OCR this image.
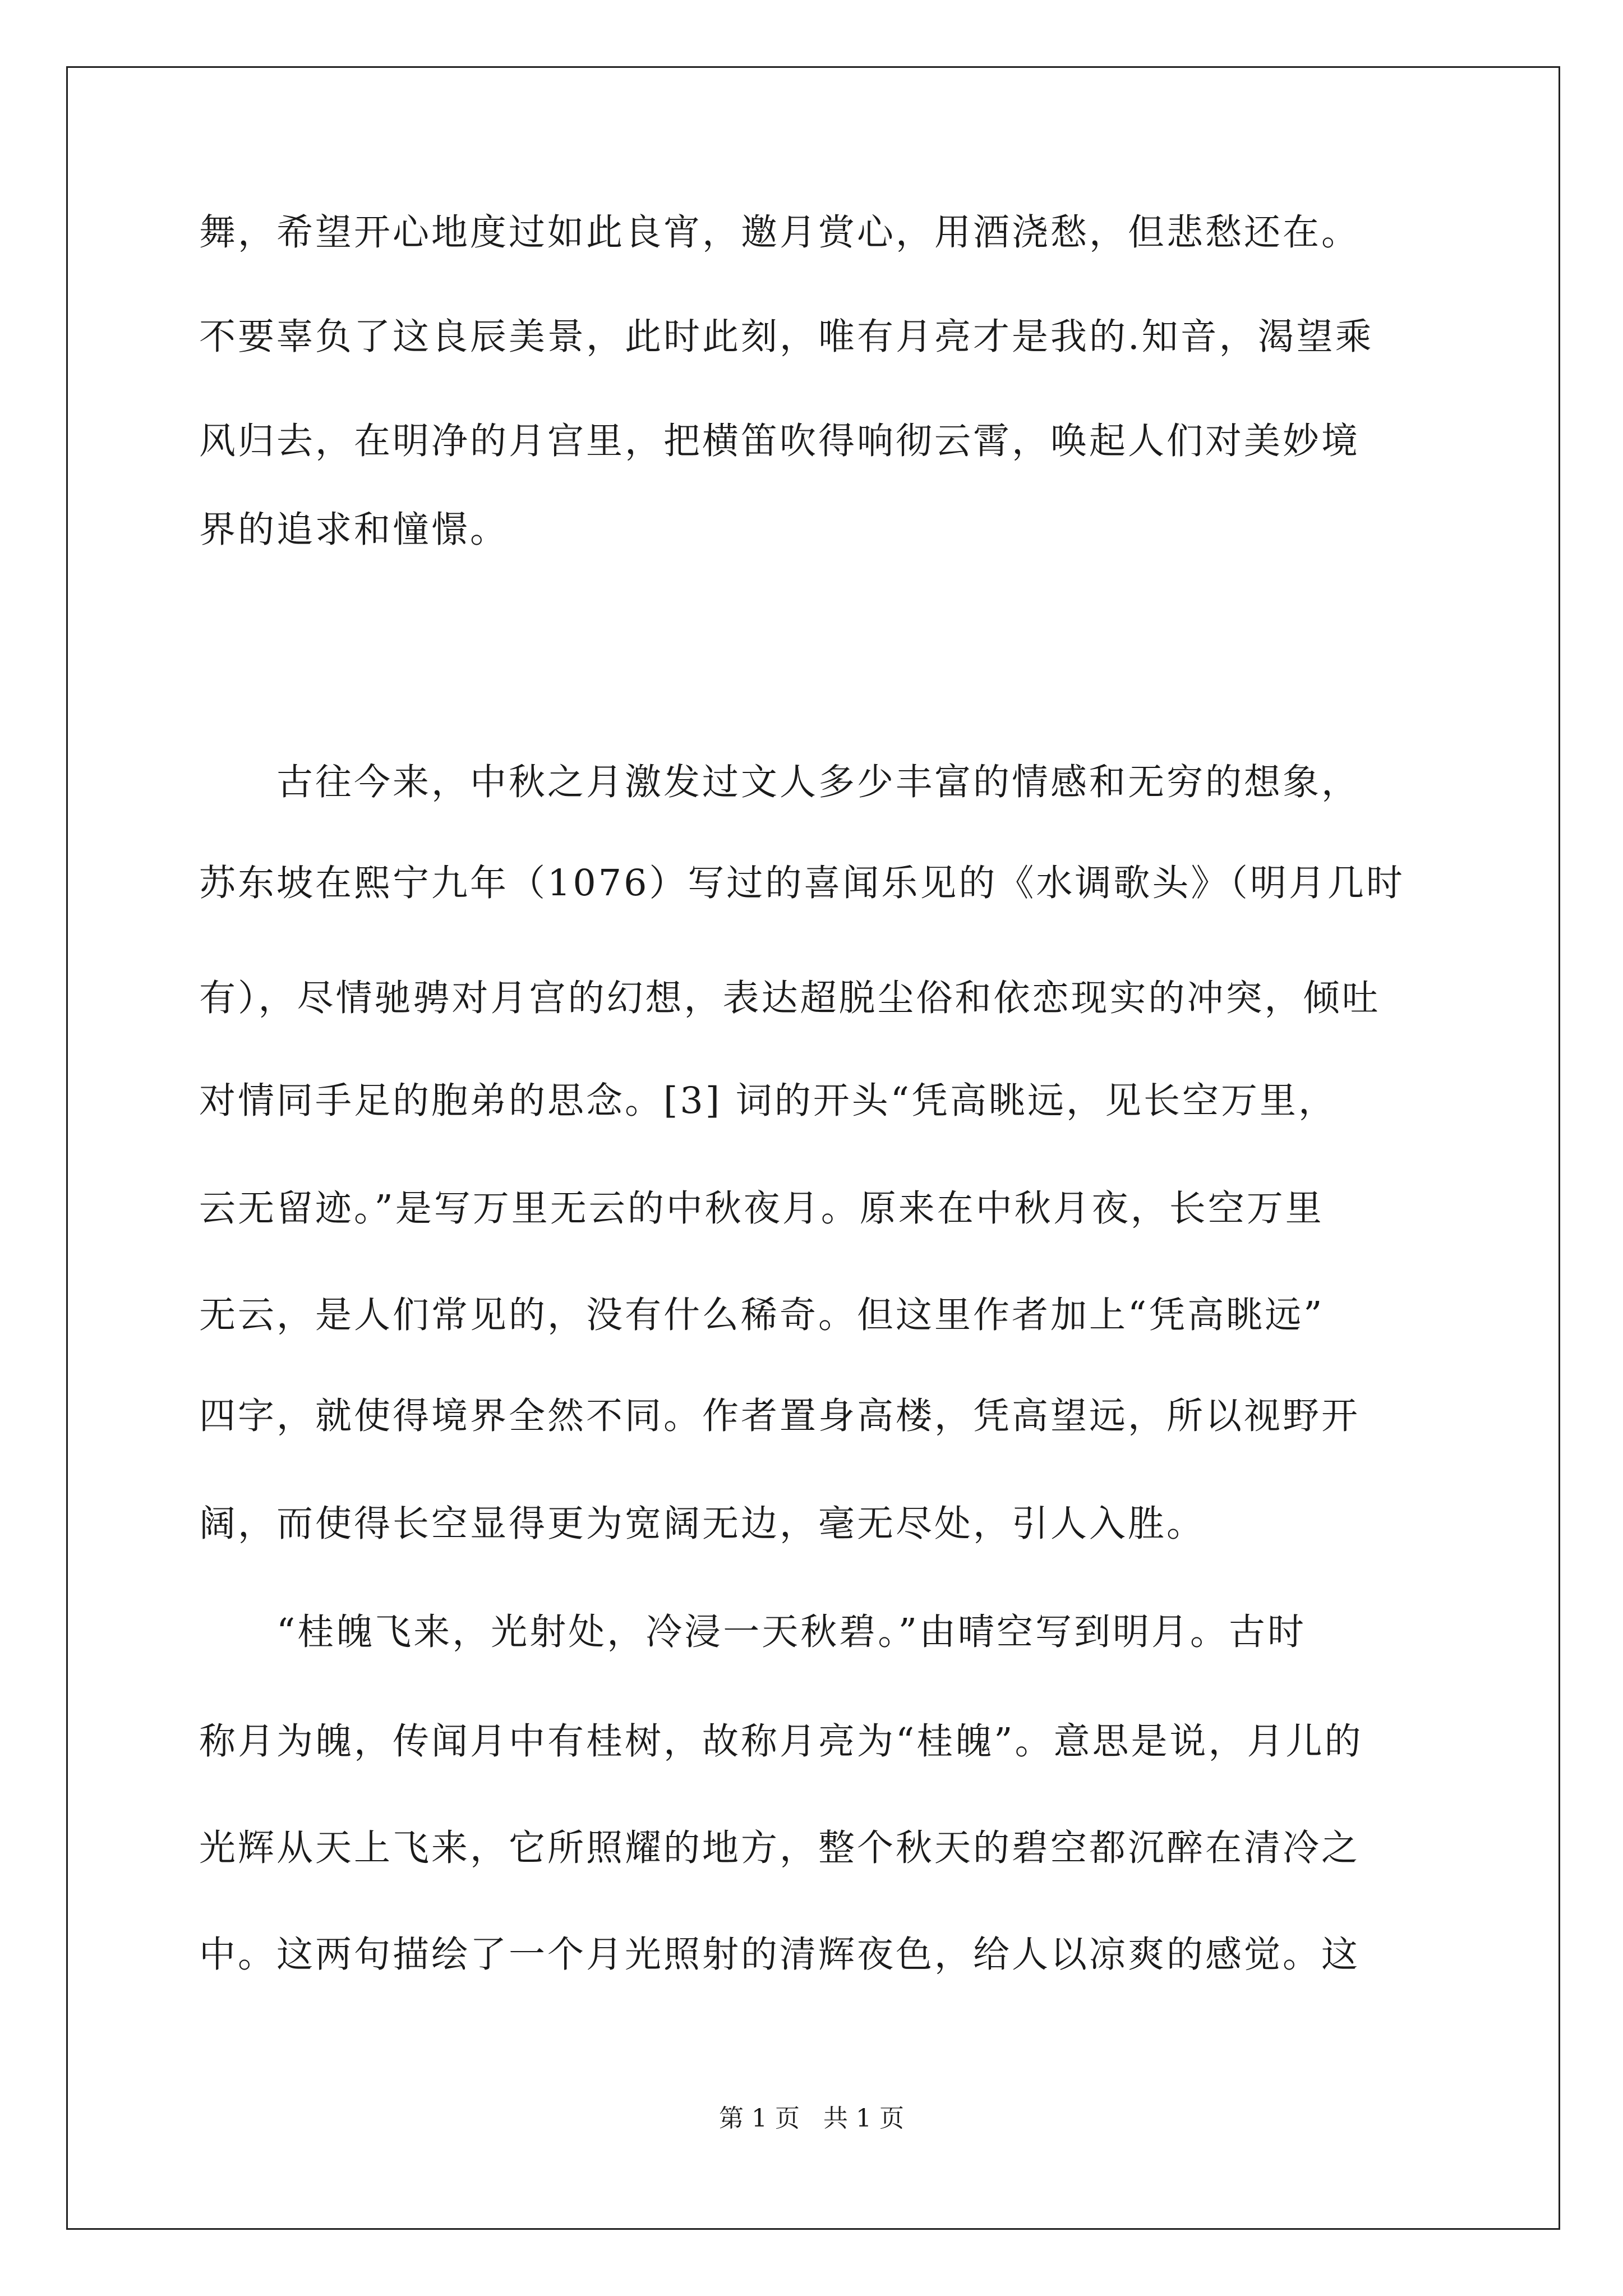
舞，希望开心地度过如此良宵，邀月赏心，用酒浇愁，但悲愁还在。
不要辜负了这良辰美景，此时此刻，唯有月亮才是我的.知音，渴望乘
风归去，在明净的月宫里，把横笛吹得响彻云霄，唤起人们对美妙境
界的追求和憧憬。
　　古往今来，中秋之月激发过文人多少丰富的情感和无穷的想象，
苏东坡在熙宁九年（1076）写过的喜闻乐见的《水调歌头》（明月几时
有），尽情驰骋对月宫的幻想，表达超脱尘俗和依恋现实的冲突，倾吐
对情同手足的胞弟的思念。[3] 词的开头“凭高眺远，见长空万里，
云无留迹。”是写万里无云的中秋夜月。原来在中秋月夜，长空万里
无云，是人们常见的，没有什么稀奇。但这里作者加上“凭高眺远”
四字，就使得境界全然不同。作者置身高楼，凭高望远，所以视野开
阔，而使得长空显得更为宽阔无边，毫无尽处，引人入胜。
　　“桂魄飞来，光射处，冷浸一天秋碧。”由晴空写到明月。古时
称月为魄，传闻月中有桂树，故称月亮为“桂魄”。意思是说，月儿的
光辉从天上飞来，它所照耀的地方，整个秋天的碧空都沉醉在清冷之
中。这两句描绘了一个月光照射的清辉夜色，给人以凉爽的感觉。这
第 1 页   共 1 页
